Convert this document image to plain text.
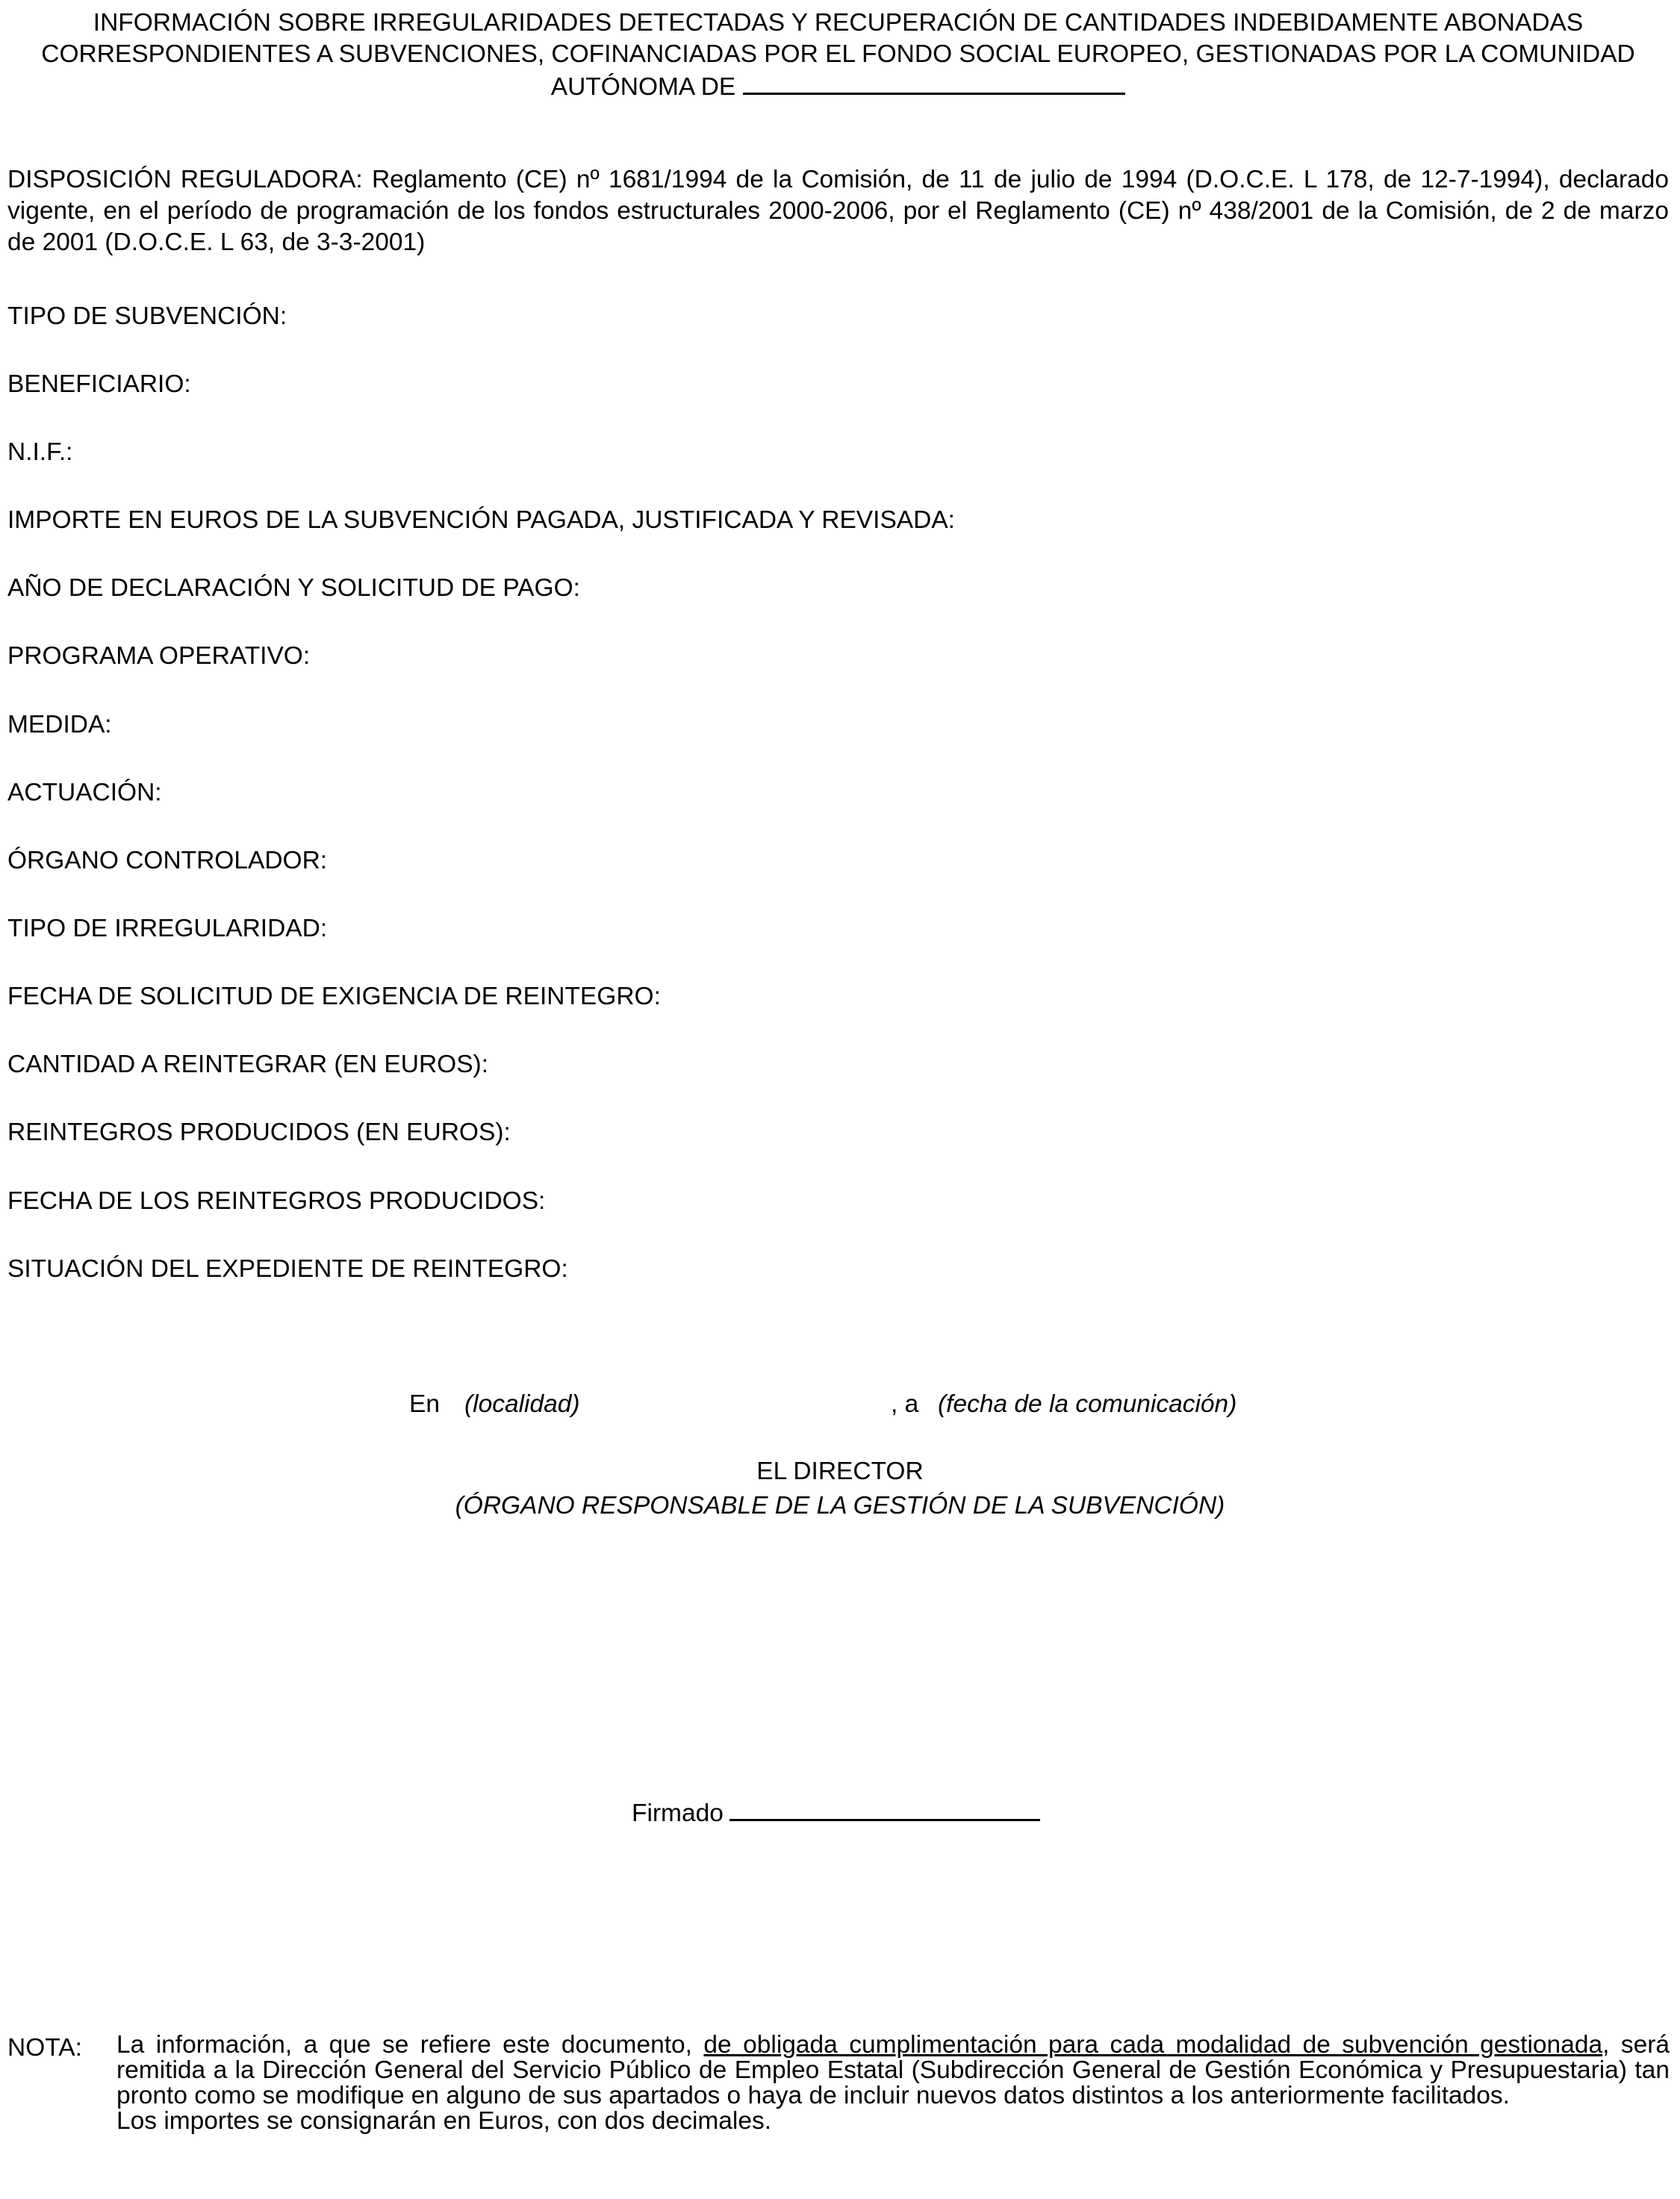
INFORMACIÓN SOBRE IRREGULARIDADES DETECTADAS Y RECUPERACIÓN DE CANTIDADES INDEBIDAMENTE ABONADAS CORRESPONDIENTES A SUBVENCIONES, COFINANCIADAS POR EL FONDO SOCIAL EUROPEO, GESTIONADAS POR LA COMUNIDAD AUTÓNOMA DE
DISPOSICIÓN REGULADORA: Reglamento (CE) nº 1681/1994 de la Comisión, de 11 de julio de 1994 (D.O.C.E. L 178, de 12-7-1994), declarado vigente, en el período de programación de los fondos estructurales 2000-2006, por el Reglamento (CE) nº 438/2001 de la Comisión, de 2 de marzo de 2001 (D.O.C.E. L 63, de 3-3-2001)
TIPO DE SUBVENCIÓN:
BENEFICIARIO:
N.I.F.:
IMPORTE EN EUROS DE LA SUBVENCIÓN PAGADA, JUSTIFICADA Y REVISADA:
AÑO DE DECLARACIÓN Y SOLICITUD DE PAGO:
PROGRAMA OPERATIVO:
MEDIDA:
ACTUACIÓN:
ÓRGANO CONTROLADOR:
TIPO DE IRREGULARIDAD:
FECHA DE SOLICITUD DE EXIGENCIA DE REINTEGRO:
CANTIDAD A REINTEGRAR (EN EUROS):
REINTEGROS PRODUCIDOS (EN EUROS):
FECHA DE LOS REINTEGROS PRODUCIDOS:
SITUACIÓN DEL EXPEDIENTE DE REINTEGRO:
En (localidad)	, a (fecha de la comunicación)
EL DIRECTOR
(ÓRGANO RESPONSABLE DE LA GESTIÓN DE LA SUBVENCIÓN)
Firmado
NOTA: La información, a que se refiere este documento, de obligada cumplimentación para cada modalidad de subvención gestionada, será remitida a la Dirección General del Servicio Público de Empleo Estatal (Subdirección General de Gestión Económica y Presupuestaria) tan pronto como se modifique en alguno de sus apartados o haya de incluir nuevos datos distintos a los anteriormente facilitados.

Los importes se consignarán en Euros, con dos decimales.
